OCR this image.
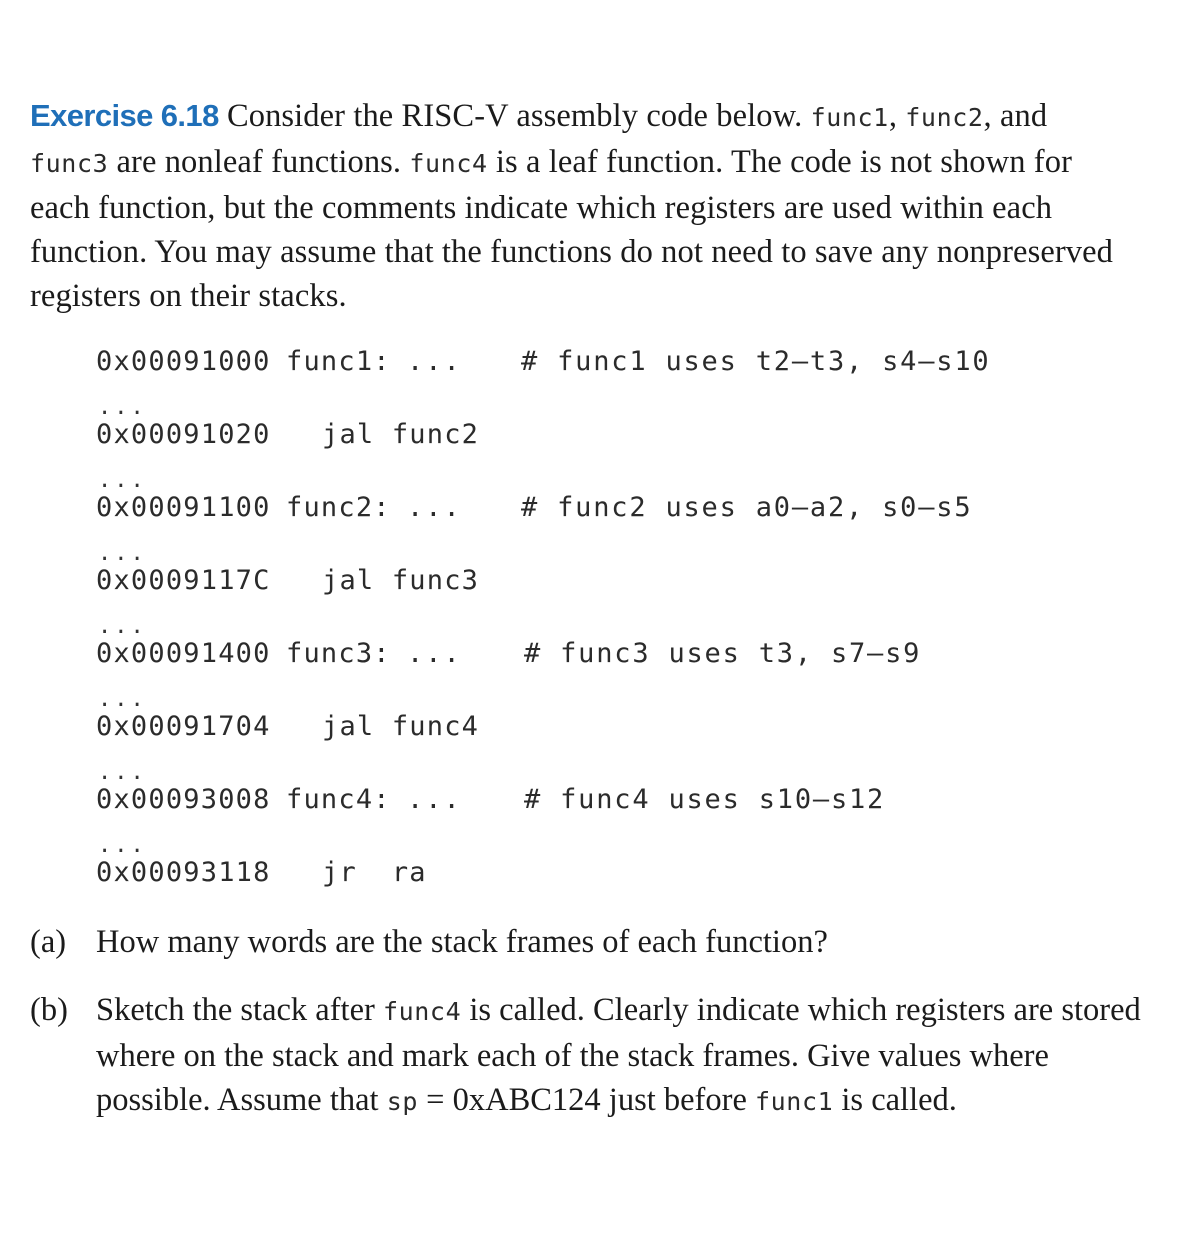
Exercise 6.18 Consider the RISC-V assembly code below. func1, func2, and func3 are nonleaf functions. func4 is a leaf function. The code is not shown for each function, but the comments indicate which registers are used within each function. You may assume that the functions do not need to save any nonpreserved registers on their stacks.
0x00091000 func1: ... # func1 uses t2–t3, s4–s10
...
0x00091020 jal func2
...
0x00091100 func2: ... # func2 uses a0–a2, s0–s5
...
0x0009117C jal func3
...
0x00091400 func3: ... # func3 uses t3, s7–s9
...
0x00091704 jal func4
...
0x00093008 func4: ... # func4 uses s10–s12
...
0x00093118 jr  ra
(a) How many words are the stack frames of each function?
(b) Sketch the stack after func4 is called. Clearly indicate which registers are stored where on the stack and mark each of the stack frames. Give values where possible. Assume that sp = 0xABC124 just before func1 is called.
